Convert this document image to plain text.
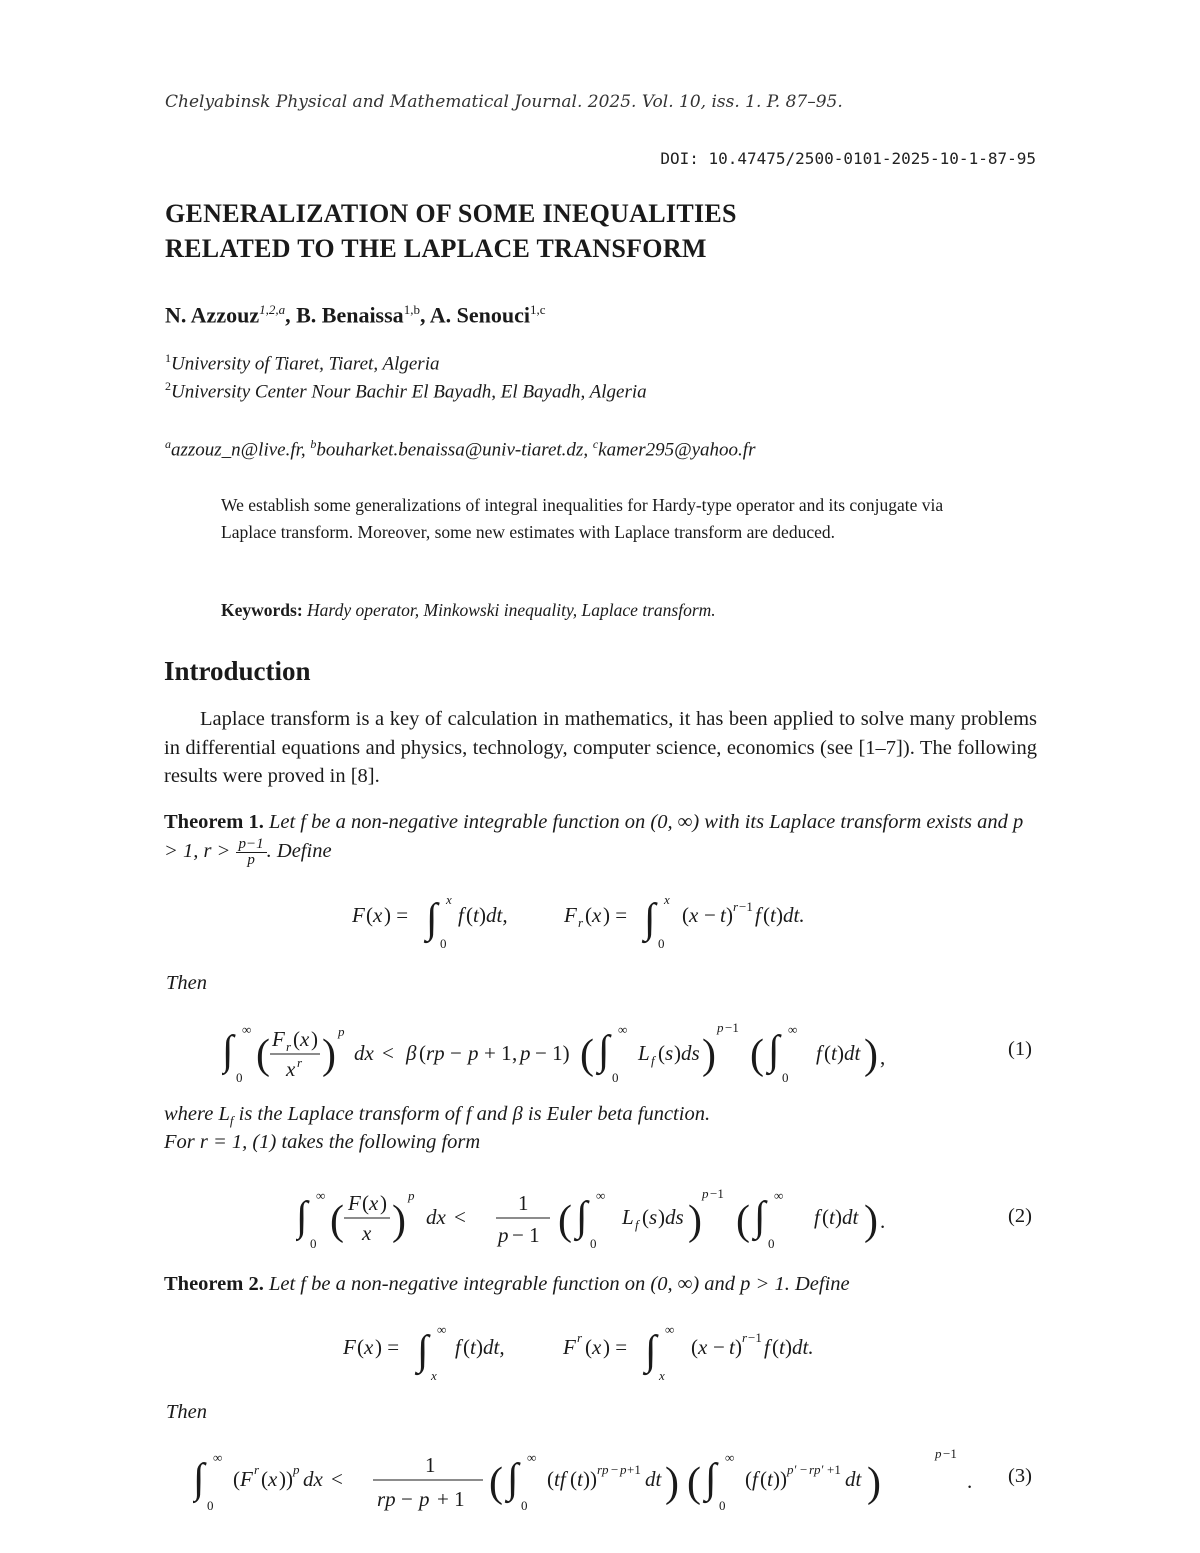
Chelyabinsk Physical and Mathematical Journal. 2025. Vol. 10, iss. 1. P. 87–95.
DOI: 10.47475/2500-0101-2025-10-1-87-95
GENERALIZATION OF SOME INEQUALITIES
RELATED TO THE LAPLACE TRANSFORM
N. Azzouz$^{1,2,a}$, B. Benaissa$^{1,b}$, A. Senouci$^{1,c}$
$^1$University of Tiaret, Tiaret, Algeria
$^2$University Center Nour Bachir El Bayadh, El Bayadh, Algeria
$^a$azzouz_n@live.fr, $^b$bouharket.benaissa@univ-tiaret.dz, $^c$kamer295@yahoo.fr
We establish some generalizations of integral inequalities for Hardy-type operator and its conjugate via Laplace transform. Moreover, some new estimates with Laplace transform are deduced.
Keywords: Hardy operator, Minkowski inequality, Laplace transform.
Introduction
Laplace transform is a key of calculation in mathematics, it has been applied to solve many problems in differential equations and physics, technology, computer science, economics (see [1–7]). The following results were proved in [8].
Theorem 1. Let f be a non-negative integrable function on (0, ∞) with its Laplace transform exists and p > 1, $r > \frac{p-1}{p}$ . Define
F ( x ) = ∫ x
0
f ( t ) dt,	F r ( x ) = ∫ x
0
( x − t ) r −1 f ( t ) dt.
Then
∫ ∞
0 ( F r ( x )
x r )
p
dx < β ( rp − p + 1 , p − 1) ( ∫ ∞
0
L f ( s ) ds )
p −1
( ∫ ∞
0
f ( t ) dt ) ,	(1)
where $L_f$ is the Laplace transform of f and β is Euler beta function.
For r = 1, (1) takes the following form
∫ ∞
0 ( F ( x )
x )
p
dx <
1
p − 1 ( ∫ ∞
0
L f ( s ) ds )
p −1
( ∫ ∞
0
f ( t ) dt ) .	(2)
Theorem 2. Let f be a non-negative integrable function on (0, ∞) and p > 1. Define
F ( x ) = ∫ ∞
x
f ( t ) dt,	F r ( x ) = ∫ ∞
x
( x − t ) r −1 f ( t ) dt.
Then
∫ ∞
0
( F r ( x )) p dx <
1
rp − p + 1 ( ∫ ∞
0
( tf ( t )) rp − p +1 dt ) ( ∫ ∞
0
( f ( t )) p′ − rp′ +1 dt )
p −1
. (3)
